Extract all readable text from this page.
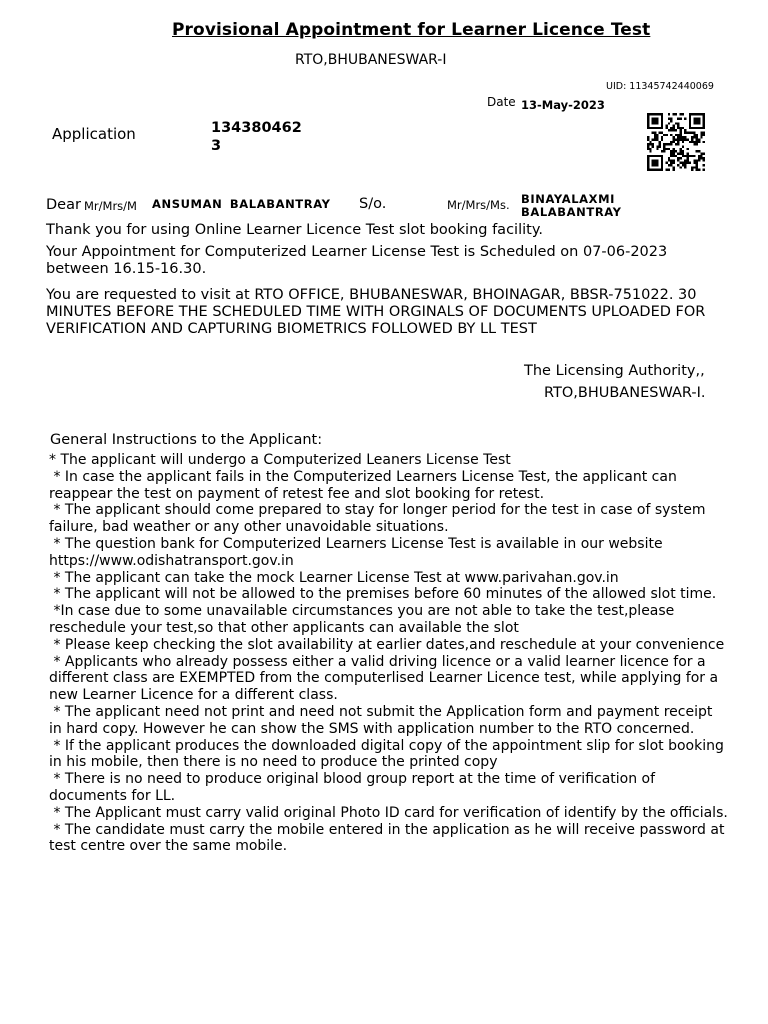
Provisional Appointment for Learner Licence Test
RTO,BHUBANESWAR-I
UID: 11345742440069
Date 13-May-2023
Application	1343804623
Dear Mr/Mrs/M ANSUMAN BALABANTRAY S/o.	Mr/Mrs/Ms. BINAYALAXMI BALABANTRAY
Thank you for using Online Learner Licence Test slot booking facility.
Your Appointment for Computerized Learner License Test is Scheduled on 07-06-2023 between 16.15-16.30.
You are requested to visit at RTO OFFICE, BHUBANESWAR, BHOINAGAR, BBSR-751022. 30 MINUTES BEFORE THE SCHEDULED TIME WITH ORGINALS OF DOCUMENTS UPLOADED FOR VERIFICATION AND CAPTURING BIOMETRICS FOLLOWED BY LL TEST
The Licensing Authority,,
RTO,BHUBANESWAR-I.
General Instructions to the Applicant:
* The applicant will undergo a Computerized Leaners License Test
* In case the applicant fails in the Computerized Learners License Test, the applicant can reappear the test on payment of retest fee and slot booking for retest.
* The applicant should come prepared to stay for longer period for the test in case of system failure, bad weather or any other unavoidable situations.
* The question bank for Computerized Learners License Test is available in our website https://www.odishatransport.gov.in
* The applicant can take the mock Learner License Test at www.parivahan.gov.in
* The applicant will not be allowed to the premises before 60 minutes of the allowed slot time.
*In case due to some unavailable circumstances you are not able to take the test,please reschedule your test,so that other applicants can available the slot
* Please keep checking the slot availability at earlier dates,and reschedule at your convenience
* Applicants who already possess either a valid driving licence or a valid learner licence for a different class are EXEMPTED from the computerlised Learner Licence test, while applying for a new Learner Licence for a different class.
* The applicant need not print and need not submit the Application form and payment receipt in hard copy. However he can show the SMS with application number to the RTO concerned.
* If the applicant produces the downloaded digital copy of the appointment slip for slot booking in his mobile, then there is no need to produce the printed copy
* There is no need to produce original blood group report at the time of verification of documents for LL.
* The Applicant must carry valid original Photo ID card for verification of identify by the officials.
* The candidate must carry the mobile entered in the application as he will receive password at test centre over the same mobile.
